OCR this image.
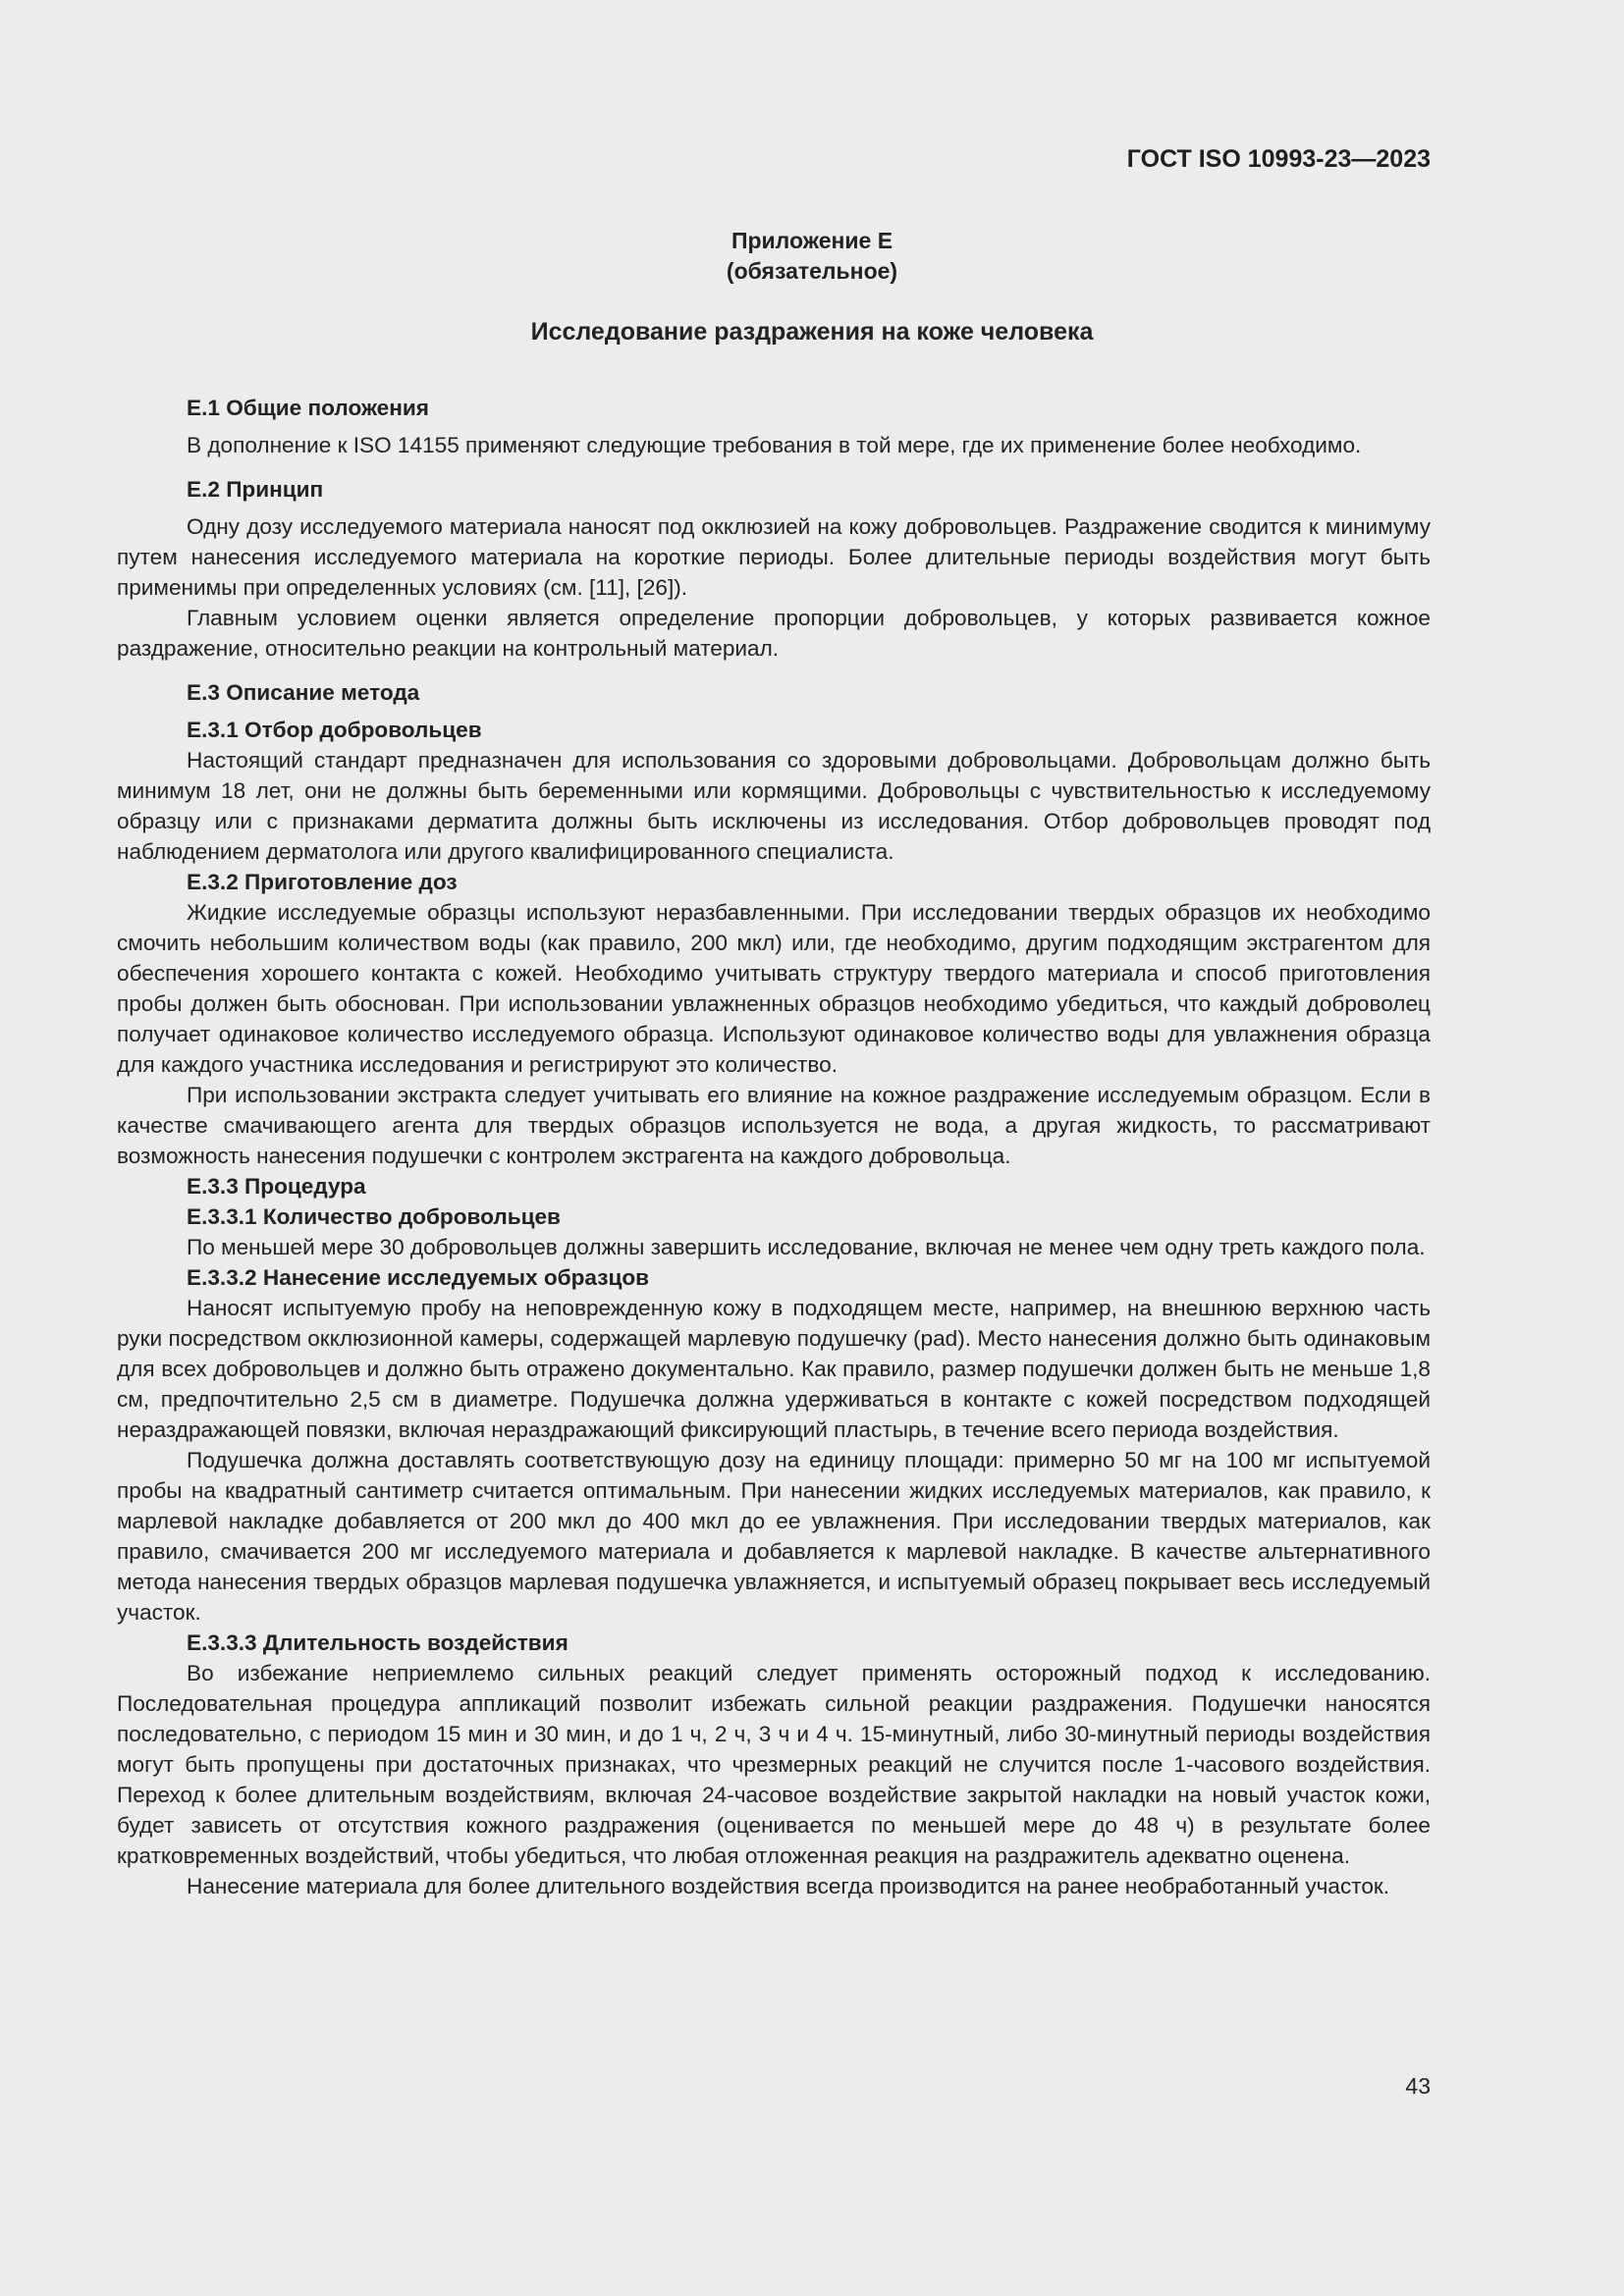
ГОСТ ISO 10993-23—2023
Приложение Е
(обязательное)
Исследование раздражения на коже человека
Е.1 Общие положения

В дополнение к ISO 14155 применяют следующие требования в той мере, где их применение более необходимо.

Е.2 Принцип

Одну дозу исследуемого материала наносят под окклюзией на кожу добровольцев. Раздражение сводится к минимуму путем нанесения исследуемого материала на короткие периоды. Более длительные периоды воздействия могут быть применимы при определенных условиях (см. [11], [26]).

Главным условием оценки является определение пропорции добровольцев, у которых развивается кожное раздражение, относительно реакции на контрольный материал.

Е.3 Описание метода
Е.3.1 Отбор добровольцев

Настоящий стандарт предназначен для использования со здоровыми добровольцами. Добровольцам должно быть минимум 18 лет, они не должны быть беременными или кормящими. Добровольцы с чувствительностью к исследуемому образцу или с признаками дерматита должны быть исключены из исследования. Отбор добровольцев проводят под наблюдением дерматолога или другого квалифицированного специалиста.

Е.3.2 Приготовление доз

Жидкие исследуемые образцы используют неразбавленными. При исследовании твердых образцов их необходимо смочить небольшим количеством воды (как правило, 200 мкл) или, где необходимо, другим подходящим экстрагентом для обеспечения хорошего контакта с кожей. Необходимо учитывать структуру твердого материала и способ приготовления пробы должен быть обоснован. При использовании увлажненных образцов необходимо убедиться, что каждый доброволец получает одинаковое количество исследуемого образца. Используют одинаковое количество воды для увлажнения образца для каждого участника исследования и регистрируют это количество.

При использовании экстракта следует учитывать его влияние на кожное раздражение исследуемым образцом. Если в качестве смачивающего агента для твердых образцов используется не вода, а другая жидкость, то рассматривают возможность нанесения подушечки с контролем экстрагента на каждого добровольца.

Е.3.3 Процедура
Е.3.3.1 Количество добровольцев

По меньшей мере 30 добровольцев должны завершить исследование, включая не менее чем одну треть каждого пола.

Е.3.3.2 Нанесение исследуемых образцов

Наносят испытуемую пробу на неповрежденную кожу в подходящем месте, например, на внешнюю верхнюю часть руки посредством окклюзионной камеры, содержащей марлевую подушечку (pad). Место нанесения должно быть одинаковым для всех добровольцев и должно быть отражено документально. Как правило, размер подушечки должен быть не меньше 1,8 см, предпочтительно 2,5 см в диаметре. Подушечка должна удерживаться в контакте с кожей посредством подходящей нераздражающей повязки, включая нераздражающий фиксирующий пластырь, в течение всего периода воздействия.

Подушечка должна доставлять соответствующую дозу на единицу площади: примерно 50 мг на 100 мг испытуемой пробы на квадратный сантиметр считается оптимальным. При нанесении жидких исследуемых материалов, как правило, к марлевой накладке добавляется от 200 мкл до 400 мкл до ее увлажнения. При исследовании твердых материалов, как правило, смачивается 200 мг исследуемого материала и добавляется к марлевой накладке. В качестве альтернативного метода нанесения твердых образцов марлевая подушечка увлажняется, и испытуемый образец покрывает весь исследуемый участок.

Е.3.3.3 Длительность воздействия

Во избежание неприемлемо сильных реакций следует применять осторожный подход к исследованию. Последовательная процедура аппликаций позволит избежать сильной реакции раздражения. Подушечки наносятся последовательно, с периодом 15 мин и 30 мин, и до 1 ч, 2 ч, 3 ч и 4 ч. 15-минутный, либо 30-минутный периоды воздействия могут быть пропущены при достаточных признаках, что чрезмерных реакций не случится после 1-часового воздействия. Переход к более длительным воздействиям, включая 24-часовое воздействие закрытой накладки на новый участок кожи, будет зависеть от отсутствия кожного раздражения (оценивается по меньшей мере до 48 ч) в результате более кратковременных воздействий, чтобы убедиться, что любая отложенная реакция на раздражитель адекватно оценена.

Нанесение материала для более длительного воздействия всегда производится на ранее необработанный участок.

43
